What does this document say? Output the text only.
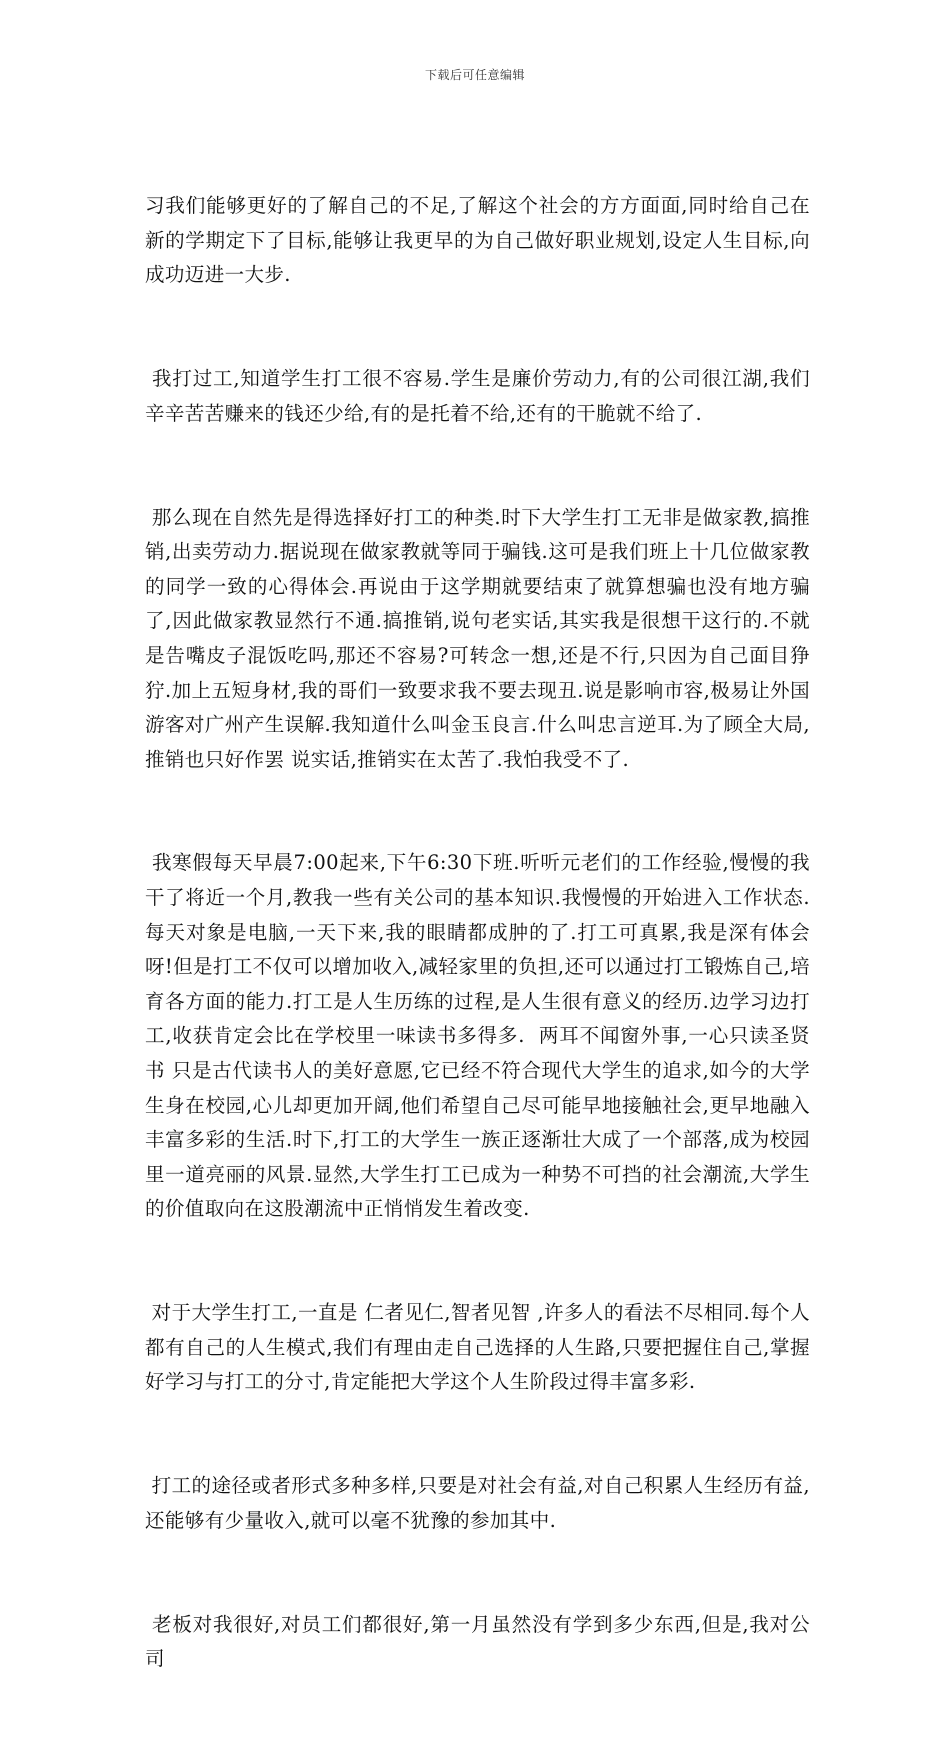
下载后可任意编辑

习我们能够更好的了解自己的不足,了解这个社会的方方面面,同时给自己在新的学期定下了目标,能够让我更早的为自己做好职业规划,设定人生目标,向成功迈进一大步.

我打过工,知道学生打工很不容易.学生是廉价劳动力,有的公司很江湖,我们辛辛苦苦赚来的钱还少给,有的是托着不给,还有的干脆就不给了.

那么现在自然先是得选择好打工的种类.时下大学生打工无非是做家教,搞推销,出卖劳动力.据说现在做家教就等同于骗钱.这可是我们班上十几位做家教的同学一致的心得体会.再说由于这学期就要结束了就算想骗也没有地方骗了,因此做家教显然行不通.搞推销,说句老实话,其实我是很想干这行的.不就是告嘴皮子混饭吃吗,那还不容易?可转念一想,还是不行,只因为自己面目狰狞.加上五短身材,我的哥们一致要求我不要去现丑.说是影响市容,极易让外国游客对广州产生误解.我知道什么叫金玉良言.什么叫忠言逆耳.为了顾全大局,推销也只好作罢 说实话,推销实在太苦了.我怕我受不了.

我寒假每天早晨7:00起来,下午6:30下班.听听元老们的工作经验,慢慢的我干了将近一个月,教我一些有关公司的基本知识.我慢慢的开始进入工作状态.每天对象是电脑,一天下来,我的眼睛都成肿的了.打工可真累,我是深有体会呀!但是打工不仅可以增加收入,减轻家里的负担,还可以通过打工锻炼自己,培育各方面的能力.打工是人生历练的过程,是人生很有意义的经历.边学习边打工,收获肯定会比在学校里一味读书多得多.  两耳不闻窗外事,一心只读圣贤书 只是古代读书人的美好意愿,它已经不符合现代大学生的追求,如今的大学生身在校园,心儿却更加开阔,他们希望自己尽可能早地接触社会,更早地融入丰富多彩的生活.时下,打工的大学生一族正逐渐壮大成了一个部落,成为校园里一道亮丽的风景.显然,大学生打工已成为一种势不可挡的社会潮流,大学生的价值取向在这股潮流中正悄悄发生着改变.

对于大学生打工,一直是 仁者见仁,智者见智 ,许多人的看法不尽相同.每个人都有自己的人生模式,我们有理由走自己选择的人生路,只要把握住自己,掌握好学习与打工的分寸,肯定能把大学这个人生阶段过得丰富多彩.

打工的途径或者形式多种多样,只要是对社会有益,对自己积累人生经历有益,还能够有少量收入,就可以毫不犹豫的参加其中.

老板对我很好,对员工们都很好,第一月虽然没有学到多少东西,但是,我对公司
